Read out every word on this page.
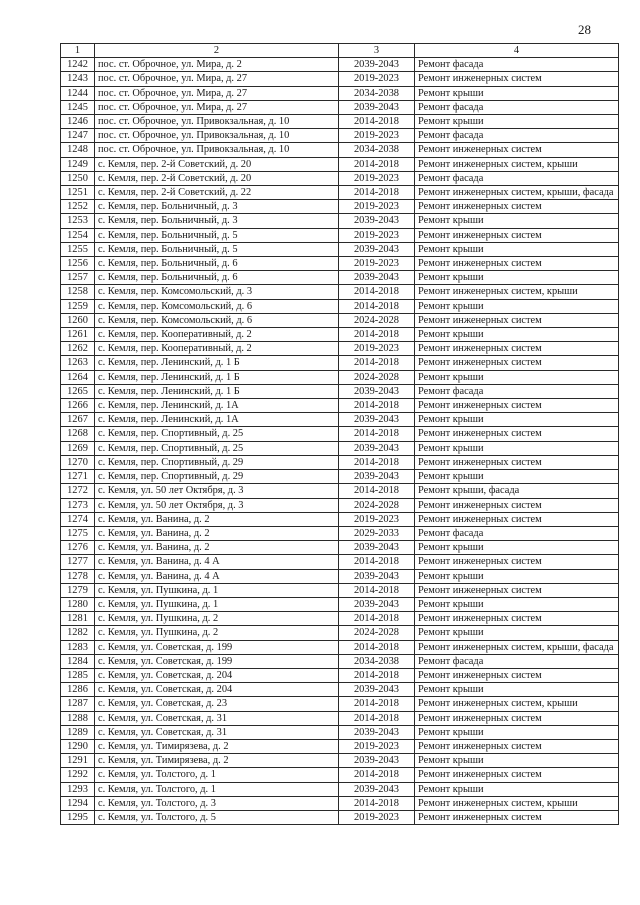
28
1	2	3	4
1242	пос. ст. Оброчное, ул. Мира, д. 2	2039-2043	Ремонт фасада
1243	пос. ст. Оброчное, ул. Мира, д. 27	2019-2023	Ремонт инженерных систем
1244	пос. ст. Оброчное, ул. Мира, д. 27	2034-2038	Ремонт крыши
1245	пос. ст. Оброчное, ул. Мира, д. 27	2039-2043	Ремонт фасада
1246	пос. ст. Оброчное, ул. Привокзальная, д. 10	2014-2018	Ремонт крыши
1247	пос. ст. Оброчное, ул. Привокзальная, д. 10	2019-2023	Ремонт фасада
1248	пос. ст. Оброчное, ул. Привокзальная, д. 10	2034-2038	Ремонт инженерных систем
1249	с. Кемля, пер. 2-й Советский, д. 20	2014-2018	Ремонт инженерных систем, крыши
1250	с. Кемля, пер. 2-й Советский, д. 20	2019-2023	Ремонт фасада
1251	с. Кемля, пер. 2-й Советский, д. 22	2014-2018	Ремонт инженерных систем, крыши, фасада
1252	с. Кемля, пер. Больничный, д. 3	2019-2023	Ремонт инженерных систем
1253	с. Кемля, пер. Больничный, д. 3	2039-2043	Ремонт крыши
1254	с. Кемля, пер. Больничный, д. 5	2019-2023	Ремонт инженерных систем
1255	с. Кемля, пер. Больничный, д. 5	2039-2043	Ремонт крыши
1256	с. Кемля, пер. Больничный, д. 6	2019-2023	Ремонт инженерных систем
1257	с. Кемля, пер. Больничный, д. 6	2039-2043	Ремонт крыши
1258	с. Кемля, пер. Комсомольский, д. 3	2014-2018	Ремонт инженерных систем, крыши
1259	с. Кемля, пер. Комсомольский, д. 6	2014-2018	Ремонт крыши
1260	с. Кемля, пер. Комсомольский, д. 6	2024-2028	Ремонт инженерных систем
1261	с. Кемля, пер. Кооперативный, д. 2	2014-2018	Ремонт крыши
1262	с. Кемля, пер. Кооперативный, д. 2	2019-2023	Ремонт инженерных систем
1263	с. Кемля, пер. Ленинский, д. 1 Б	2014-2018	Ремонт инженерных систем
1264	с. Кемля, пер. Ленинский, д. 1 Б	2024-2028	Ремонт крыши
1265	с. Кемля, пер. Ленинский, д. 1 Б	2039-2043	Ремонт фасада
1266	с. Кемля, пер. Ленинский, д. 1А	2014-2018	Ремонт инженерных систем
1267	с. Кемля, пер. Ленинский, д. 1А	2039-2043	Ремонт крыши
1268	с. Кемля, пер. Спортивный, д. 25	2014-2018	Ремонт инженерных систем
1269	с. Кемля, пер. Спортивный, д. 25	2039-2043	Ремонт крыши
1270	с. Кемля, пер. Спортивный, д. 29	2014-2018	Ремонт инженерных систем
1271	с. Кемля, пер. Спортивный, д. 29	2039-2043	Ремонт крыши
1272	с. Кемля, ул. 50 лет Октября, д. 3	2014-2018	Ремонт крыши, фасада
1273	с. Кемля, ул. 50 лет Октября, д. 3	2024-2028	Ремонт инженерных систем
1274	с. Кемля, ул. Ванина, д. 2	2019-2023	Ремонт инженерных систем
1275	с. Кемля, ул. Ванина, д. 2	2029-2033	Ремонт фасада
1276	с. Кемля, ул. Ванина, д. 2	2039-2043	Ремонт крыши
1277	с. Кемля, ул. Ванина, д. 4 А	2014-2018	Ремонт инженерных систем
1278	с. Кемля, ул. Ванина, д. 4 А	2039-2043	Ремонт крыши
1279	с. Кемля, ул. Пушкина, д. 1	2014-2018	Ремонт инженерных систем
1280	с. Кемля, ул. Пушкина, д. 1	2039-2043	Ремонт крыши
1281	с. Кемля, ул. Пушкина, д. 2	2014-2018	Ремонт инженерных систем
1282	с. Кемля, ул. Пушкина, д. 2	2024-2028	Ремонт крыши
1283	с. Кемля, ул. Советская, д. 199	2014-2018	Ремонт инженерных систем, крыши, фасада
1284	с. Кемля, ул. Советская, д. 199	2034-2038	Ремонт фасада
1285	с. Кемля, ул. Советская, д. 204	2014-2018	Ремонт инженерных систем
1286	с. Кемля, ул. Советская, д. 204	2039-2043	Ремонт крыши
1287	с. Кемля, ул. Советская, д. 23	2014-2018	Ремонт инженерных систем, крыши
1288	с. Кемля, ул. Советская, д. 31	2014-2018	Ремонт инженерных систем
1289	с. Кемля, ул. Советская, д. 31	2039-2043	Ремонт крыши
1290	с. Кемля, ул. Тимирязева, д. 2	2019-2023	Ремонт инженерных систем
1291	с. Кемля, ул. Тимирязева, д. 2	2039-2043	Ремонт крыши
1292	с. Кемля, ул. Толстого, д. 1	2014-2018	Ремонт инженерных систем
1293	с. Кемля, ул. Толстого, д. 1	2039-2043	Ремонт крыши
1294	с. Кемля, ул. Толстого, д. 3	2014-2018	Ремонт инженерных систем, крыши
1295	с. Кемля, ул. Толстого, д. 5	2019-2023	Ремонт инженерных систем
